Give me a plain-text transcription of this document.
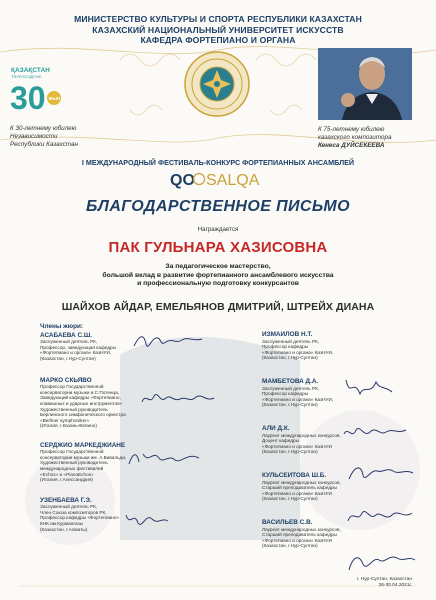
МИНИСТЕРСТВО КУЛЬТУРЫ И СПОРТА РЕСПУБЛИКИ КАЗАХСТАН
КАЗАХСКИЙ НАЦИОНАЛЬНЫЙ УНИВЕРСИТЕТ ИСКУССТВ
КАФЕДРА ФОРТЕПИАНО И ОРГАНА
ҚАЗАҚСТАН
ТӘУЕЛСІЗДІГІНЕ
30 ЖЫЛ
К 30-летнему юбилею
Независимости
Республики Казахстан
К 75-летнему юбилею
казахского композитора
Кенеса ДУЙСЕКЕЕВА
I МЕЖДУНАРОДНЫЙ ФЕСТИВАЛЬ-КОНКУРС ФОРТЕПИАННЫХ АНСАМБЛЕЙ
QO SALQA
БЛАГОДАРСТВЕННОЕ ПИСЬМО
Награждается
ПАК ГУЛЬНАРА ХАЗИСОВНА
За педагогическое мастерство,
большой вклад в развитие фортепианного ансамблевого искусства
и профессиональную подготовку конкурсантов
ШАЙХОВ АЙДАР, ЕМЕЛЬЯНОВ ДМИТРИЙ, ШТРЕЙХ ДИАНА
Члены жюри:
АСАБАЕВА С.Ш.
Заслуженный деятель РК,
Профессор, заведующая кафедры
«Фортепиано и органа» КазНУИ,
(Казахстан, г.Нур-Султан)
МАРКО СКЬЯВО
Профессор Государственной
консерватории музыки и.С.Потенца,
Заведующий кафедры «Фортепиано,
клавишных и ударных инструментов»
Художественный руководитель
Берлинского симфонического оркестра
«Berliner symphoniker»
(Италия, г.Казань-Велино)
СЕРДЖИО МАРКЕДЖИАНЕ
Профессор Государственной
консерватории музыки им. А.Вивальди,
Художественный руководитель
международных фестивалей
«Echos» и «PianoEchos»
(Италия, г.Алессандрия)
УЗЕНБАЕВА Г.Э.
Заслуженный деятель РК,
Член Союза композиторов РК,
Профессор кафедры «Фортепиано»
КНК им.Курмангазы
(Казахстан, г.Алматы)
ИЗМАИЛОВ Н.Т.
Заслуженный деятель РК,
Профессор кафедры
«Фортепиано и органа» КазНУИ,
(Казахстан, г.Нур-Султан)
МАМБЕТОВА Д.А.
Заслуженный деятель РК,
Профессор кафедры
«Фортепиано и органа» КазНУИ,
(Казахстан, г.Нур-Султан)
АЛИ Д.К.
Лауреат международных конкурсов,
Доцент кафедры
«Фортепиано и органа» КазНУИ
(Казахстан, г.Нур-Султан)
КУЛЬСЕИТОВА Ш.Б.
Лауреат международных конкурсов,
Старший преподаватель кафедры
«Фортепиано и органа» КазНУИ
(Казахстан, г.Нур-Султан)
ВАСИЛЬЕВ С.В.
Лауреат международных конкурсов,
Старший преподаватель кафедры
«Фортепиано и органа» КазНУИ
(Казахстан, г.Нур-Султан)
г. Нур-Султан, Казахстан
26-30.04.2021г.
